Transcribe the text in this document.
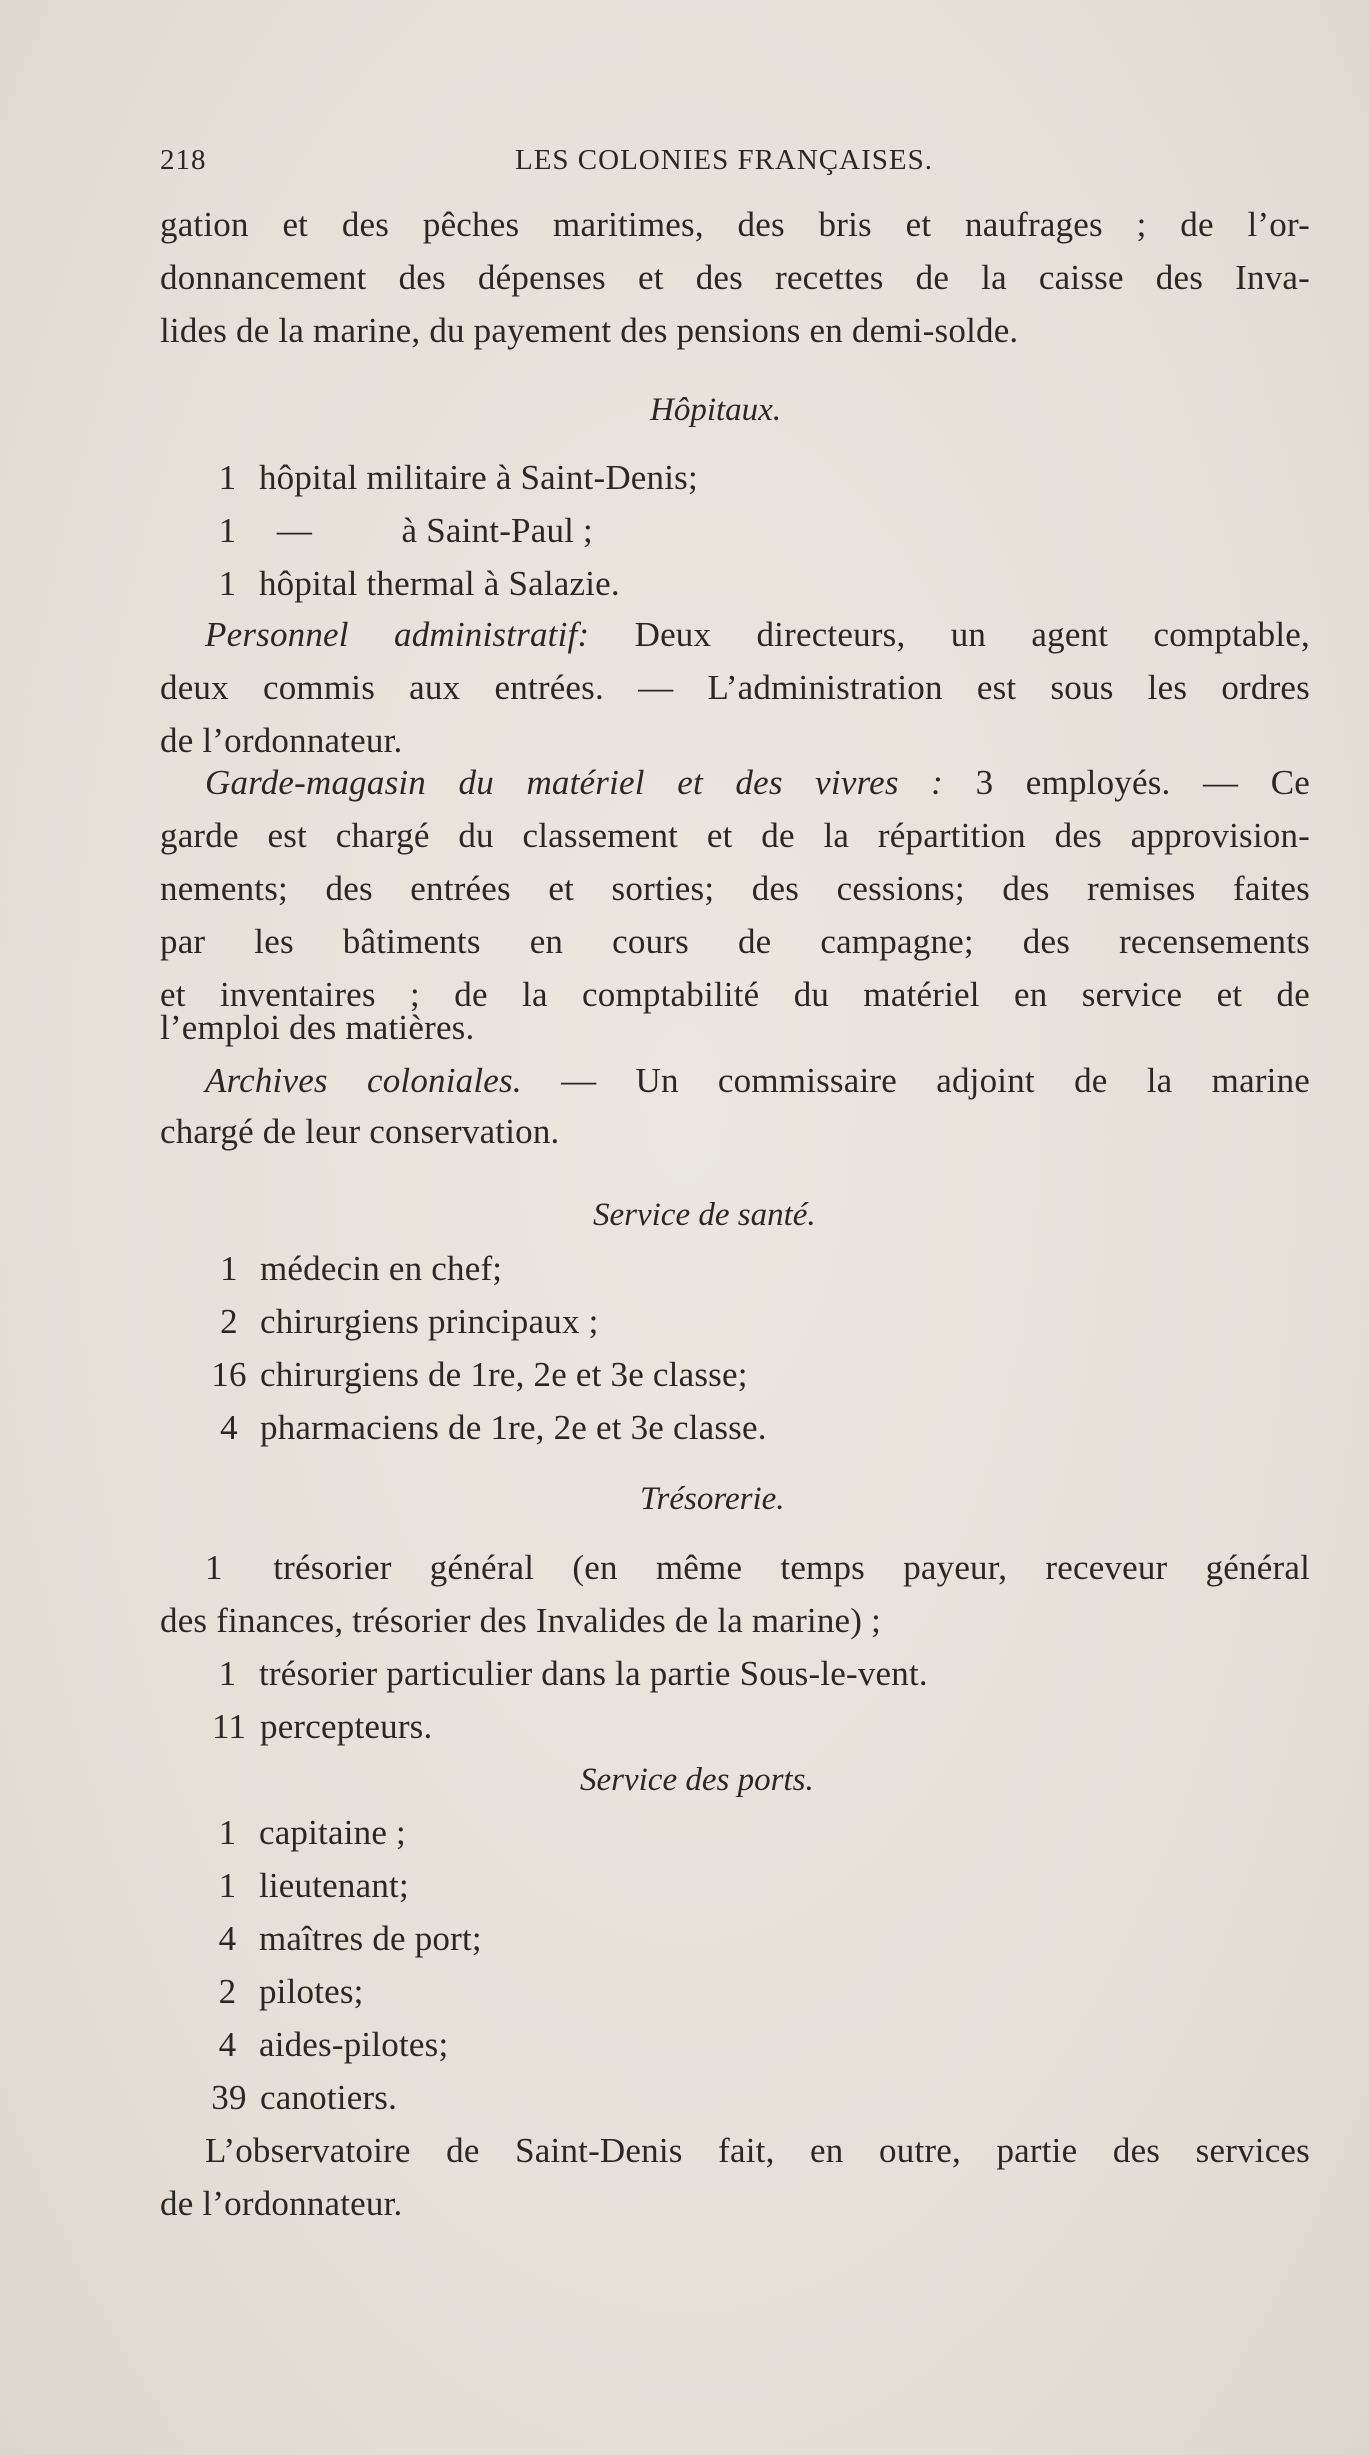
218	LES COLONIES FRANÇAISES.
gation et des pêches maritimes, des bris et naufrages ; de l’or-
donnancement des dépenses et des recettes de la caisse des Inva-
lides de la marine, du payement des pensions en demi-solde.
Hôpitaux.
1 hôpital militaire à Saint-Denis;
1 —          à Saint-Paul ;
1 hôpital thermal à Salazie.
Personnel administratif: Deux directeurs, un agent comptable,
deux commis aux entrées. — L’administration est sous les ordres
de l’ordonnateur.
Garde-magasin du matériel et des vivres : 3 employés. — Ce
garde est chargé du classement et de la répartition des approvision-
nements; des entrées et sorties; des cessions; des remises faites
par les bâtiments en cours de campagne; des recensements
et inventaires ; de la comptabilité du matériel en service et de
l’emploi des matières.
Archives coloniales. — Un commissaire adjoint de la marine
chargé de leur conservation.
Service de santé.
1 médecin en chef;
2 chirurgiens principaux ;
16 chirurgiens de 1re, 2e et 3e classe;
4 pharmaciens de 1re, 2e et 3e classe.
Trésorerie.
1 trésorier général (en même temps payeur, receveur général
des finances, trésorier des Invalides de la marine) ;
1 trésorier particulier dans la partie Sous-le-vent.
11 percepteurs.
Service des ports.
1 capitaine ;
1 lieutenant;
4 maîtres de port;
2 pilotes;
4 aides-pilotes;
39 canotiers.
L’observatoire de Saint-Denis fait, en outre, partie des services
de l’ordonnateur.
